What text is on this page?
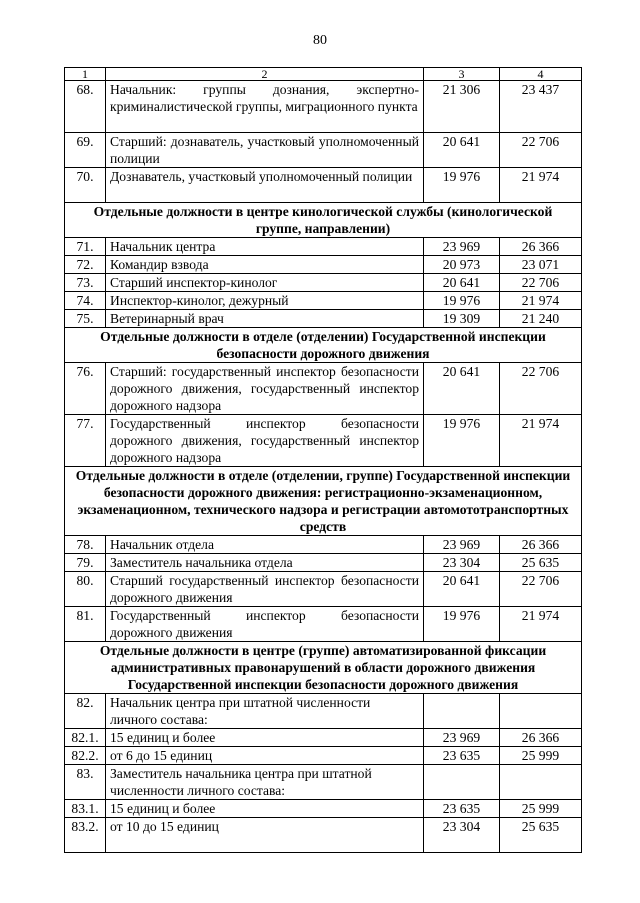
80
1	2	3	4
68.	Начальник: группы дознания, экспертно-криминалистической группы, миграционного пункта	21 306	23 437
69.	Старший: дознаватель, участковый уполномоченный полиции	20 641	22 706
70.	Дознаватель, участковый уполномоченный полиции	19 976	21 974
Отдельные должности в центре кинологической службы (кинологической группе, направлении)			
71.	Начальник центра	23 969	26 366
72.	Командир взвода	20 973	23 071
73.	Старший инспектор-кинолог	20 641	22 706
74.	Инспектор-кинолог, дежурный	19 976	21 974
75.	Ветеринарный врач	19 309	21 240
Отдельные должности в отделе (отделении) Государственной инспекции безопасности дорожного движения			
76.	Старший: государственный инспектор безопасности дорожного движения, государственный инспектор дорожного надзора	20 641	22 706
77.	Государственный инспектор безопасности дорожного движения, государственный инспектор дорожного надзора	19 976	21 974
Отдельные должности в отделе (отделении, группе) Государственной инспекции безопасности дорожного движения: регистрационно-экзаменационном, экзаменационном, технического надзора и регистрации автомототранспортных средств			
78.	Начальник отдела	23 969	26 366
79.	Заместитель начальника отдела	23 304	25 635
80.	Старший государственный инспектор безопасности дорожного движения	20 641	22 706
81.	Государственный инспектор безопасности дорожного движения	19 976	21 974
Отдельные должности в центре (группе) автоматизированной фиксации административных правонарушений в области дорожного движения Государственной инспекции безопасности дорожного движения			
82.	Начальник центра при штатной численности личного состава:		
82.1.	15 единиц и более	23 969	26 366
82.2.	от 6 до 15 единиц	23 635	25 999
83.	Заместитель начальника центра при штатной численности личного состава:		
83.1.	15 единиц и более	23 635	25 999
83.2.	от 10 до 15 единиц	23 304	25 635
